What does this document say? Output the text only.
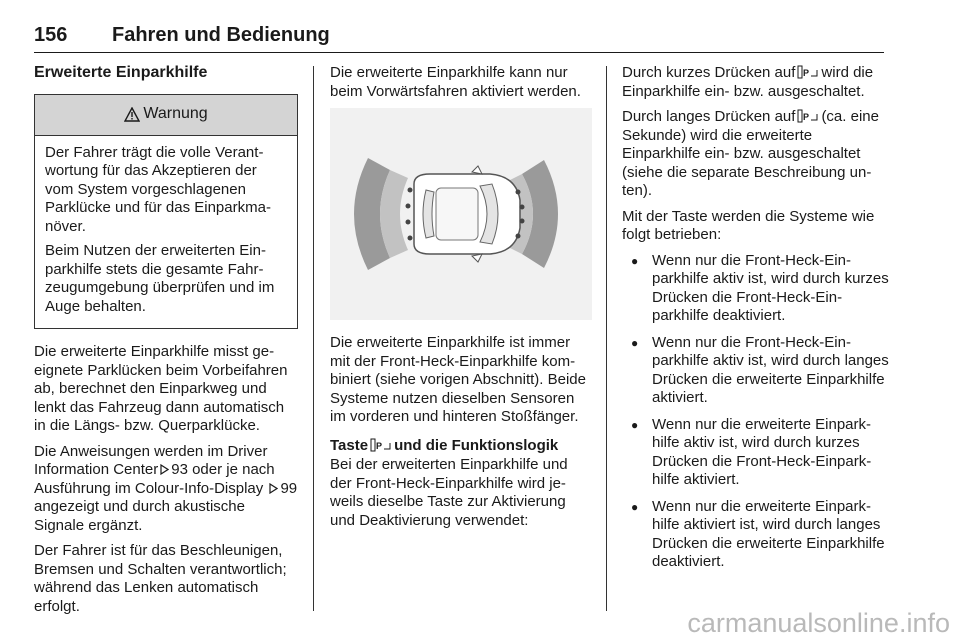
156 Fahren und Bedienung
Erweiterte Einparkhilfe
Warnung

Der Fahrer trägt die volle Verantwortung für das Akzeptieren der vom System vorgeschlagenen Parklücke und für das Einparkmanöver.

Beim Nutzen der erweiterten Einparkhilfe stets die gesamte Fahrzeugumgebung überprüfen und im Auge behalten.

Die erweiterte Einparkhilfe misst geeignete Parklücken beim Vorbeifahren ab, berechnet den Einparkweg und lenkt das Fahrzeug dann automatisch in die Längs- bzw. Querparklücke.

Die Anweisungen werden im Driver Information Center 93 oder je nach Ausführung im Colour-Info-Display 99 angezeigt und durch akustische Signale ergänzt.

Der Fahrer ist für das Beschleunigen, Bremsen und Schalten verantwortlich; während das Lenken automatisch erfolgt.

Die erweiterte Einparkhilfe kann nur beim Vorwärtsfahren aktiviert werden.

Die erweiterte Einparkhilfe ist immer mit der Front-Heck-Einparkhilfe kombiniert (siehe vorigen Abschnitt). Beide Systeme nutzen dieselben Sensoren im vorderen und hinteren Stoßfänger.

Taste P und die Funktionslogik

Bei der erweiterten Einparkhilfe und der Front-Heck-Einparkhilfe wird jeweils dieselbe Taste zur Aktivierung und Deaktivierung verwendet:

Durch kurzes Drücken auf P wird die Einparkhilfe ein- bzw. ausgeschaltet.

Durch langes Drücken auf P (ca. eine Sekunde) wird die erweiterte Einparkhilfe ein- bzw. ausgeschaltet (siehe die separate Beschreibung unten).

Mit der Taste werden die Systeme wie folgt betrieben:

● Wenn nur die Front-Heck-Einparkhilfe aktiv ist, wird durch kurzes Drücken die Front-Heck-Einparkhilfe deaktiviert.
● Wenn nur die Front-Heck-Einparkhilfe aktiv ist, wird durch langes Drücken die erweiterte Einparkhilfe aktiviert.
● Wenn nur die erweiterte Einparkhilfe aktiv ist, wird durch kurzes Drücken die Front-Heck-Einparkhilfe aktiviert.
● Wenn nur die erweiterte Einparkhilfe aktiviert ist, wird durch langes Drücken die erweiterte Einparkhilfe deaktiviert.
carmanualsonline.info
